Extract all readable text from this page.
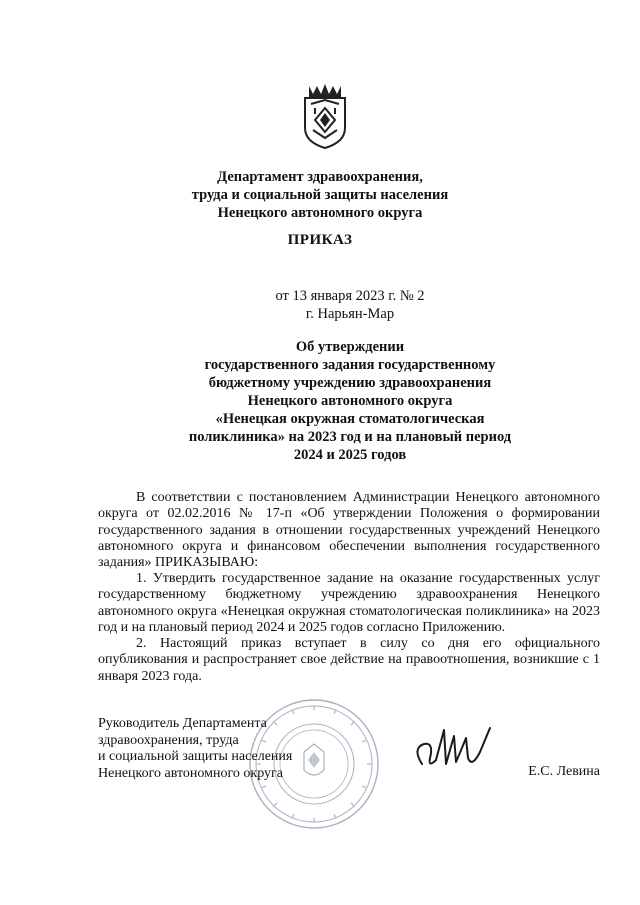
Департамент здравоохранения,
труда и социальной защиты населения
Ненецкого автономного округа
ПРИКАЗ
от 13 января 2023 г. № 2
г. Нарьян-Мар
Об утверждении
государственного задания государственному
бюджетному учреждению здравоохранения
Ненецкого автономного округа
«Ненецкая окружная стоматологическая
поликлиника» на 2023 год и на плановый период
2024 и 2025 годов
В соответствии с постановлением Администрации Ненецкого автономного округа от 02.02.2016 № 17-п «Об утверждении Положения о формировании государственного задания в отношении государственных учреждений Ненецкого автономного округа и финансовом обеспечении выполнения государственного задания» ПРИКАЗЫВАЮ:
1. Утвердить государственное задание на оказание государственных услуг государственному бюджетному учреждению здравоохранения Ненецкого автономного округа «Ненецкая окружная стоматологическая поликлиника» на 2023 год и на плановый период 2024 и 2025 годов согласно Приложению.
2. Настоящий приказ вступает в силу со дня его официального опубликования и распространяет свое действие на правоотношения, возникшие с 1 января 2023 года.
Руководитель Департамента
здравоохранения, труда
и социальной защиты населения
Ненецкого автономного округа	Е.С. Левина
